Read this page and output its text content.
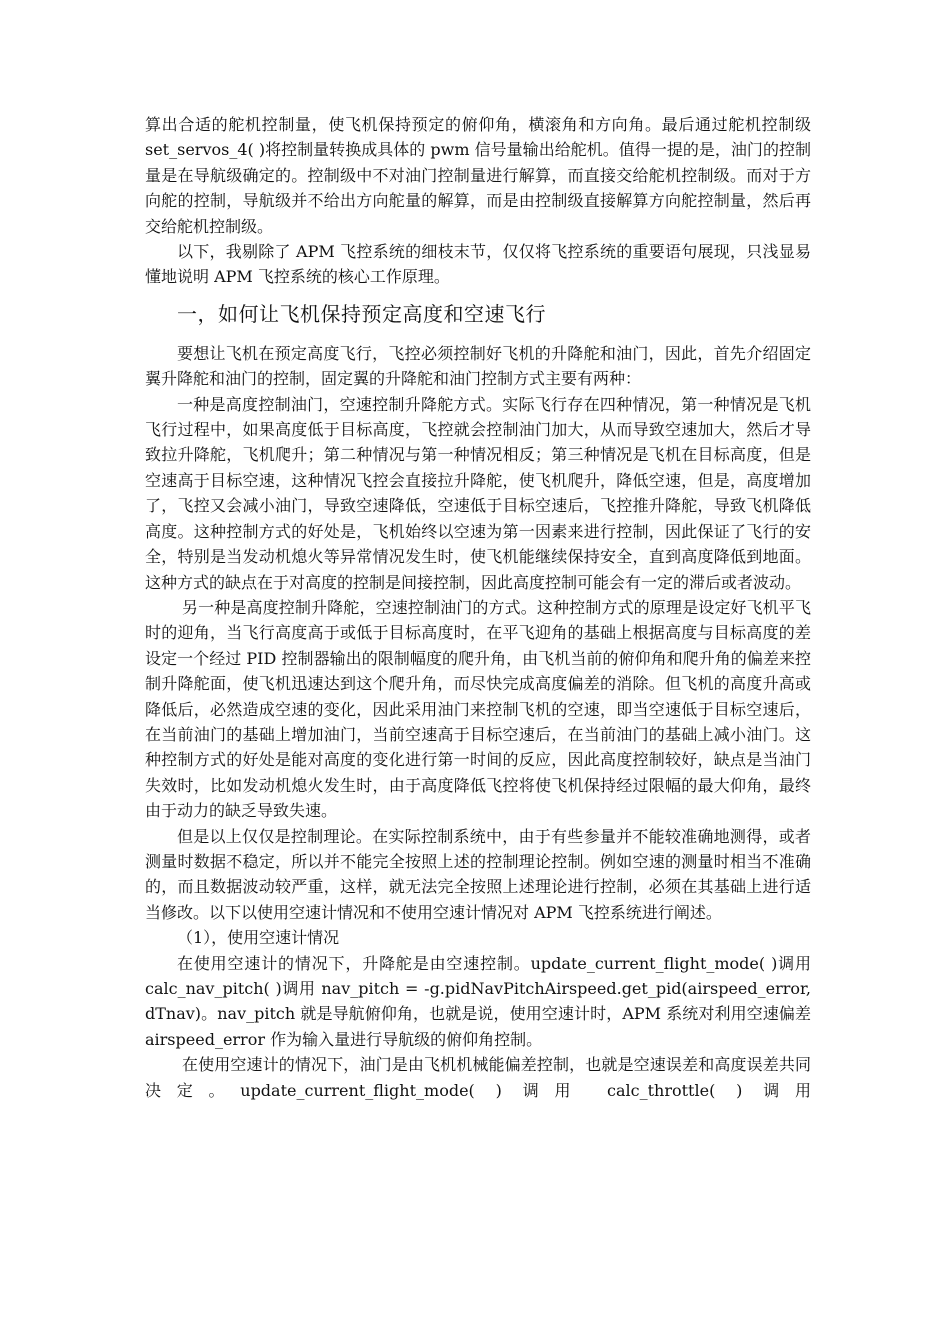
算出合适的舵机控制量，使飞机保持预定的俯仰角，横滚角和方向角。最后通过舵机控制级 set_servos_4( )将控制量转换成具体的 pwm 信号量输出给舵机。值得一提的是，油门的控制量是在导航级确定的。控制级中不对油门控制量进行解算，而直接交给舵机控制级。而对于方向舵的控制，导航级并不给出方向舵量的解算，而是由控制级直接解算方向舵控制量，然后再交给舵机控制级。

以下，我剔除了 APM 飞控系统的细枝末节，仅仅将飞控系统的重要语句展现，只浅显易懂地说明 APM 飞控系统的核心工作原理。

一，如何让飞机保持预定高度和空速飞行

要想让飞机在预定高度飞行，飞控必须控制好飞机的升降舵和油门，因此，首先介绍固定翼升降舵和油门的控制，固定翼的升降舵和油门控制方式主要有两种：

一种是高度控制油门，空速控制升降舵方式。实际飞行存在四种情况，第一种情况是飞机飞行过程中，如果高度低于目标高度，飞控就会控制油门加大，从而导致空速加大，然后才导致拉升降舵，飞机爬升；第二种情况与第一种情况相反；第三种情况是飞机在目标高度，但是空速高于目标空速，这种情况飞控会直接拉升降舵，使飞机爬升，降低空速，但是，高度增加了，飞控又会减小油门，导致空速降低，空速低于目标空速后，飞控推升降舵，导致飞机降低高度。这种控制方式的好处是，飞机始终以空速为第一因素来进行控制，因此保证了飞行的安全，特别是当发动机熄火等异常情况发生时，使飞机能继续保持安全，直到高度降低到地面。这种方式的缺点在于对高度的控制是间接控制，因此高度控制可能会有一定的滞后或者波动。

另一种是高度控制升降舵，空速控制油门的方式。这种控制方式的原理是设定好飞机平飞时的迎角，当飞行高度高于或低于目标高度时，在平飞迎角的基础上根据高度与目标高度的差设定一个经过 PID 控制器输出的限制幅度的爬升角，由飞机当前的俯仰角和爬升角的偏差来控制升降舵面，使飞机迅速达到这个爬升角，而尽快完成高度偏差的消除。但飞机的高度升高或降低后，必然造成空速的变化，因此采用油门来控制飞机的空速，即当空速低于目标空速后，在当前油门的基础上增加油门，当前空速高于目标空速后，在当前油门的基础上减小油门。这种控制方式的好处是能对高度的变化进行第一时间的反应，因此高度控制较好，缺点是当油门失效时，比如发动机熄火发生时，由于高度降低飞控将使飞机保持经过限幅的最大仰角，最终由于动力的缺乏导致失速。

但是以上仅仅是控制理论。在实际控制系统中，由于有些参量并不能较准确地测得，或者测量时数据不稳定，所以并不能完全按照上述的控制理论控制。例如空速的测量时相当不准确的，而且数据波动较严重，这样，就无法完全按照上述理论进行控制，必须在其基础上进行适当修改。以下以使用空速计情况和不使用空速计情况对 APM 飞控系统进行阐述。

（1），使用空速计情况

在使用空速计的情况下，升降舵是由空速控制。update_current_flight_mode( )调用 calc_nav_pitch( )调用 nav_pitch = -g.pidNavPitchAirspeed.get_pid(airspeed_error, dTnav)。nav_pitch 就是导航俯仰角，也就是说，使用空速计时，APM 系统对利用空速偏差 airspeed_error 作为输入量进行导航级的俯仰角控制。

在使用空速计的情况下，油门是由飞机机械能偏差控制，也就是空速误差和高度误差共同决定。update_current_flight_mode( ) 调用 calc_throttle( ) 调用
